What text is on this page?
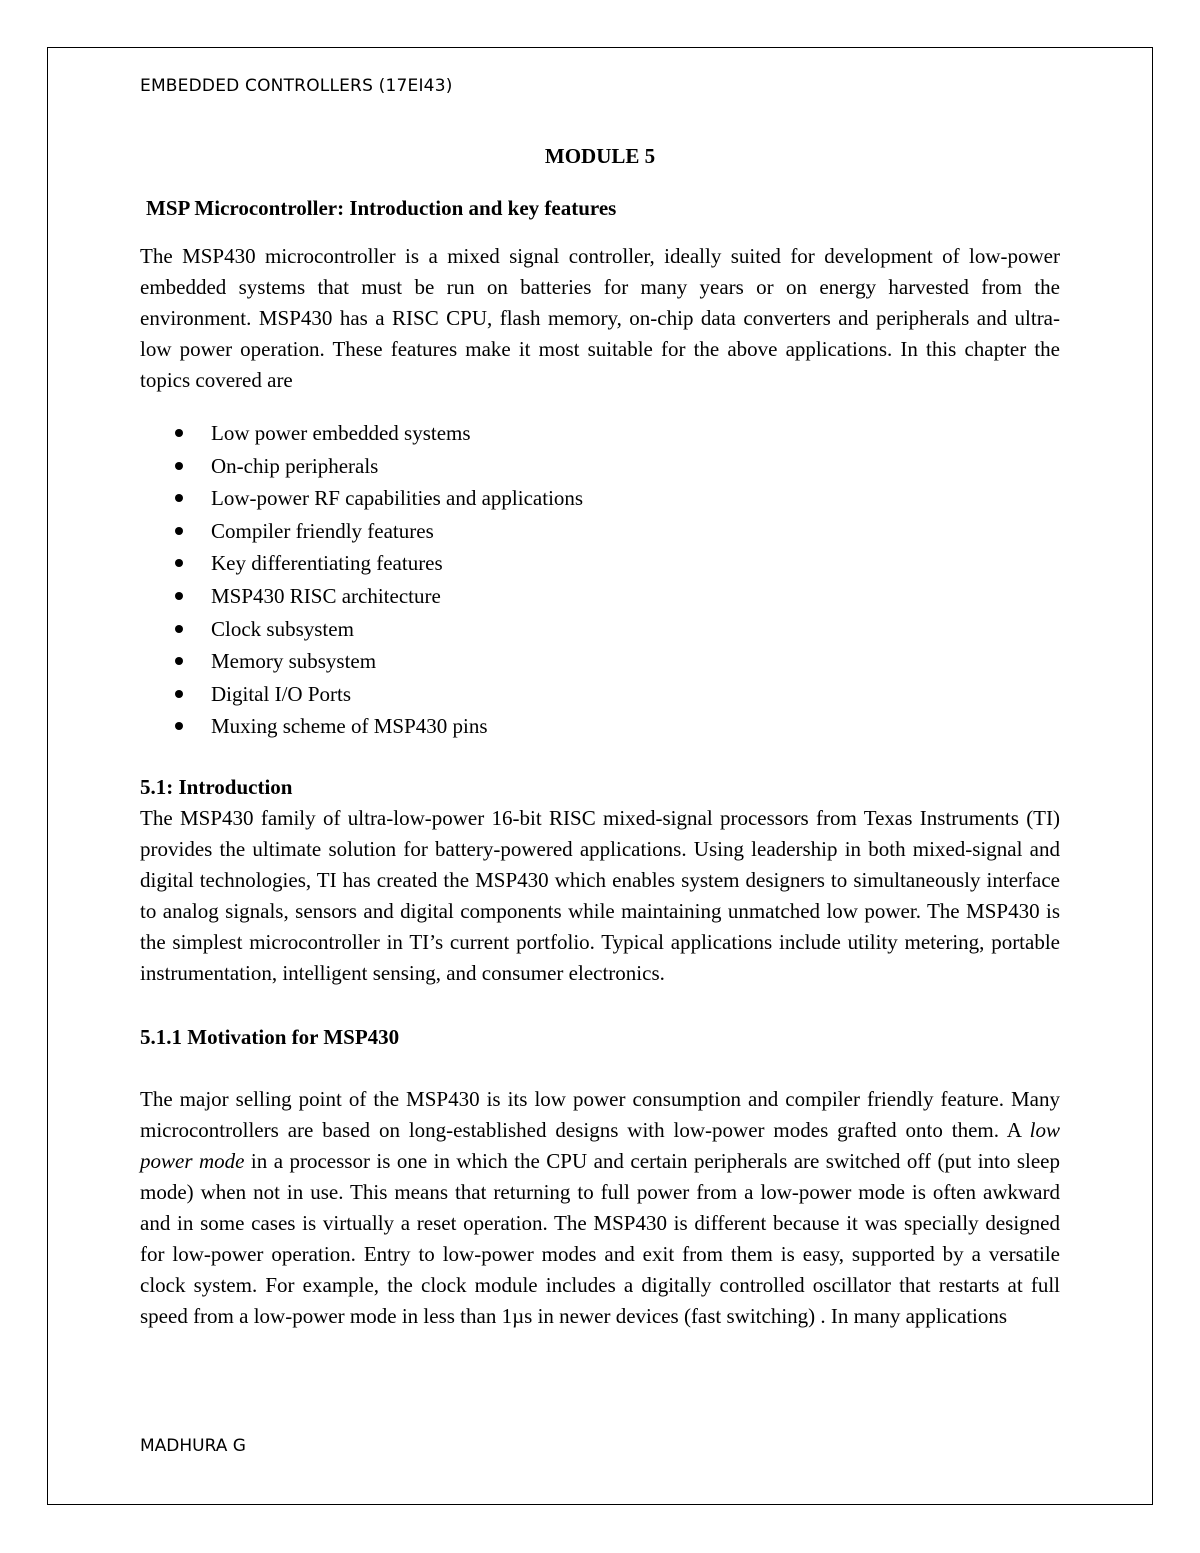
EMBEDDED CONTROLLERS (17EI43)

MODULE 5

MSP Microcontroller: Introduction and key features

The MSP430 microcontroller is a mixed signal controller, ideally suited for development of low-power embedded systems that must be run on batteries for many years or on energy harvested from the environment. MSP430 has a RISC CPU, flash memory, on-chip data converters and peripherals and ultra-low power operation. These features make it most suitable for the above applications. In this chapter the topics covered are

Low power embedded systems
On-chip peripherals
Low-power RF capabilities and applications
Compiler friendly features
Key differentiating features
MSP430 RISC architecture
Clock subsystem
Memory subsystem
Digital I/O Ports
Muxing scheme of MSP430 pins

5.1: Introduction

The MSP430 family of ultra-low-power 16-bit RISC mixed-signal processors from Texas Instruments (TI) provides the ultimate solution for battery-powered applications. Using leadership in both mixed-signal and digital technologies, TI has created the MSP430 which enables system designers to simultaneously interface to analog signals, sensors and digital components while maintaining unmatched low power. The MSP430 is the simplest microcontroller in TI’s current portfolio. Typical applications include utility metering, portable instrumentation, intelligent sensing, and consumer electronics.

5.1.1 Motivation for MSP430

The major selling point of the MSP430 is its low power consumption and compiler friendly feature. Many microcontrollers are based on long-established designs with low-power modes grafted onto them. A low power mode in a processor is one in which the CPU and certain peripherals are switched off (put into sleep mode) when not in use. This means that returning to full power from a low-power mode is often awkward and in some cases is virtually a reset operation. The MSP430 is different because it was specially designed for low-power operation. Entry to low-power modes and exit from them is easy, supported by a versatile clock system. For example, the clock module includes a digitally controlled oscillator that restarts at full speed from a low-power mode in less than 1µs in newer devices (fast switching) . In many applications

MADHURA G
